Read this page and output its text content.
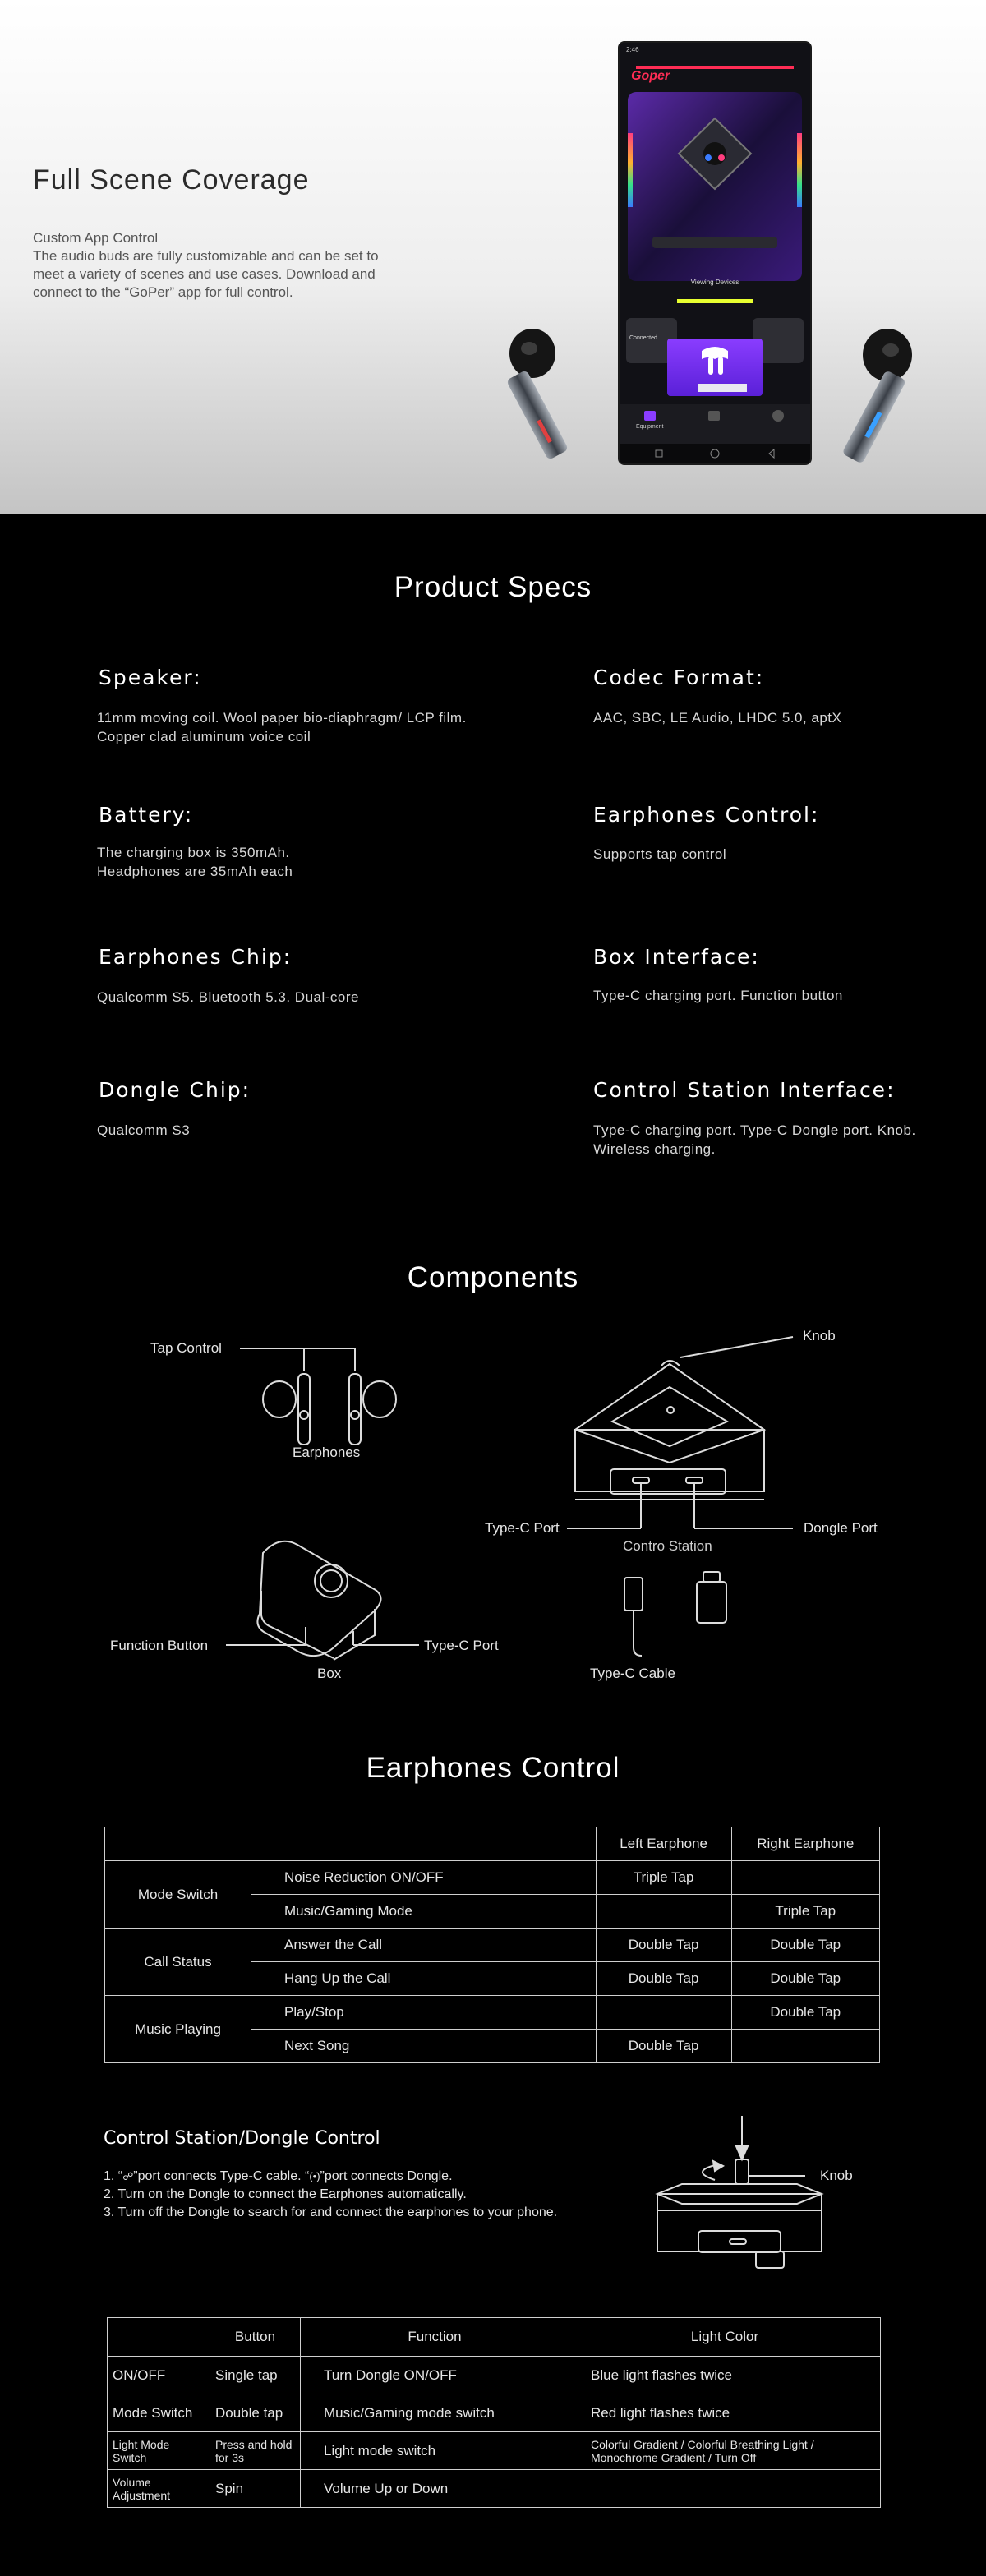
Full Scene Coverage
Custom App Control
The audio buds are fully customizable and can be set to meet a variety of scenes and use cases. Download and connect to the “GoPer” app for full control.
2:46
Goper
Viewing Devices
Connected
Equipment
Product Specs
Speaker:
11mm moving coil. Wool paper bio-diaphragm/ LCP film. Copper clad aluminum voice coil
Codec Format:
AAC, SBC, LE Audio, LHDC 5.0, aptX
Battery:
The charging box is 350mAh.
Headphones are 35mAh each
Earphones Control:
Supports tap control
Earphones Chip:
Qualcomm S5. Bluetooth 5.3. Dual-core
Box Interface:
Type-C charging port. Function button
Dongle Chip:
Qualcomm S3
Control Station Interface:
Type-C charging port. Type-C Dongle port. Knob. Wireless charging.
Components
Tap Control
Earphones
Knob
Type-C Port
Contro Station
Dongle Port
Function Button	Type-C Port
Box	Type-C Cable
Earphones Control
		Left Earphone	Right Earphone
Mode Switch	Noise Reduction ON/OFF	Triple Tap	
	Music/Gaming Mode		Triple Tap
Call Status	Answer the Call	Double Tap	Double Tap
	Hang Up the Call	Double Tap	Double Tap
Music Playing	Play/Stop		Double Tap
	Next Song	Double Tap	
Control Station/Dongle Control
1. “☍”port connects Type-C cable. “(•)”port connects Dongle.
2. Turn on the Dongle to connect the Earphones automatically.
3. Turn off the Dongle to search for and connect the earphones to your phone.
Knob
	Button	Function	Light Color
ON/OFF	Single tap	Turn Dongle ON/OFF	Blue light flashes twice
Mode Switch	Double tap	Music/Gaming mode switch	Red light flashes twice
Light Mode Switch	Press and hold for 3s	Light mode switch	Colorful Gradient / Colorful Breathing Light / Monochrome Gradient / Turn Off
Volume Adjustment	Spin	Volume Up or Down	
